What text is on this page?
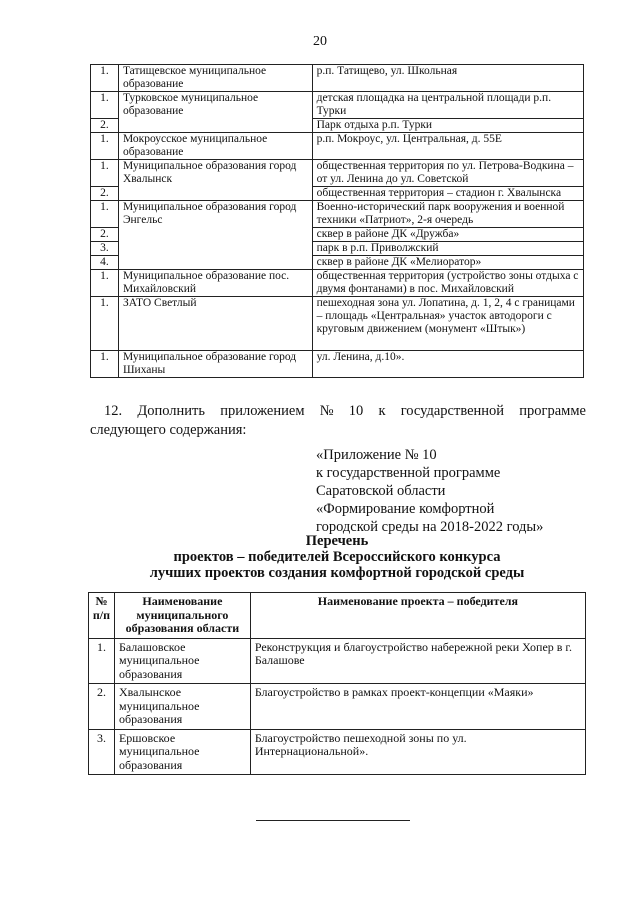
20
1.	Татищевское муниципальное образование	р.п. Татищево, ул. Школьная
1.	Турковское муниципальное образование	детская площадка на центральной площади р.п. Турки
2.		Парк отдыха р.п. Турки
1.	Мокроусское муниципальное образование	р.п. Мокроус, ул. Центральная, д. 55Е
1.	Муниципальное образования город Хвалынск	общественная территория по ул. Петрова-Водкина – от ул. Ленина до ул. Советской
2.		общественная территория – стадион г. Хвалынска
1.	Муниципальное образования город Энгельс	Военно-исторический парк вооружения и военной техники «Патриот», 2-я очередь
2.		сквер в районе ДК «Дружба»
3.		парк в р.п. Приволжский
4.		сквер в районе ДК «Мелиоратор»
1.	Муниципальное образование пос. Михайловский	общественная территория (устройство зоны отдыха с двумя фонтанами) в пос. Михайловский
1.	ЗАТО Светлый	пешеходная зона ул. Лопатина, д. 1, 2, 4 с границами – площадь «Центральная» участок автодороги с круговым движением (монумент «Штык»)
1.	Муниципальное образование город Шиханы	ул. Ленина, д.10».
12. Дополнить приложением № 10 к государственной программе
следующего содержания:
«Приложение № 10
к государственной программе
Саратовской области
«Формирование комфортной
городской среды на 2018-2022 годы»
Перечень
проектов – победителей Всероссийского конкурса
лучших проектов создания комфортной городской среды
№ п/п	Наименование муниципального образования области	Наименование проекта – победителя
1.	Балашовское муниципальное образования	Реконструкция и благоустройство набережной реки Хопер в г. Балашове
2.	Хвалынское муниципальное образования	Благоустройство в рамках проект-концепции «Маяки»
3.	Ершовское муниципальное образования	Благоустройство пешеходной зоны по ул. Интернациональной».
